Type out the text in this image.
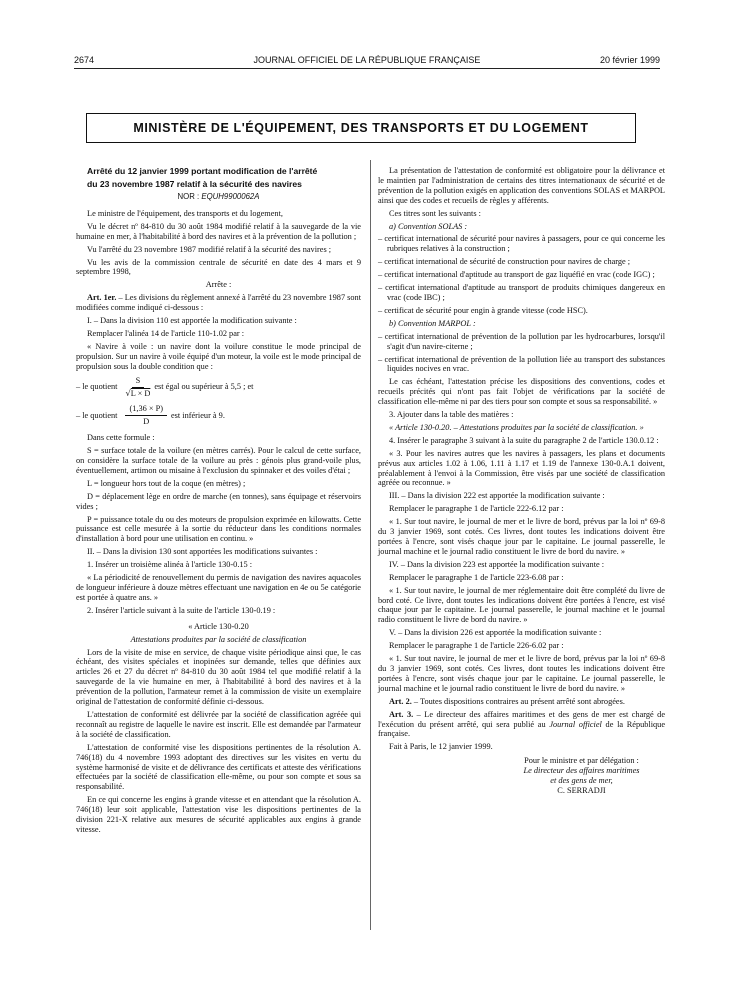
2674	JOURNAL OFFICIEL DE LA RÉPUBLIQUE FRANÇAISE	20 février 1999
MINISTÈRE DE L'ÉQUIPEMENT, DES TRANSPORTS ET DU LOGEMENT

Arrêté du 12 janvier 1999 portant modification de l'arrêté

du 23 novembre 1987 relatif à la sécurité des navires

NOR : EQUH9900062A

Le ministre de l'équipement, des transports et du logement,

Vu le décret nº 84-810 du 30 août 1984 modifié relatif à la sauvegarde de la vie humaine en mer, à l'habitabilité à bord des navires et à la prévention de la pollution ;

Vu l'arrêté du 23 novembre 1987 modifié relatif à la sécurité des navires ;

Vu les avis de la commission centrale de sécurité en date des 4 mars et 9 septembre 1998,

Arrête :

Art. 1er. – Les divisions du règlement annexé à l'arrêté du 23 novembre 1987 sont modifiées comme indiqué ci-dessous :

I. – Dans la division 110 est apportée la modification suivante :

Remplacer l'alinéa 14 de l'article 110-1.02 par :

« Navire à voile : un navire dont la voilure constitue le mode principal de propulsion. Sur un navire à voile équipé d'un moteur, la voile est le mode principal de propulsion sous la double condition que :

– le quotient $\frac{S}{√L \times D}$ est égal ou supérieur à 5,5 ; et
– le quotient $\frac{(1,36 \times P)}{D}$ est inférieur à 9.

Dans cette formule :

S = surface totale de la voilure (en mètres carrés). Pour le calcul de cette surface, on considère la surface totale de la voilure au près : génois plus grand-voile plus, éventuellement, artimon ou misaine à l'exclusion du spinnaker et des voiles d'étai ;

L = longueur hors tout de la coque (en mètres) ;

D = déplacement lège en ordre de marche (en tonnes), sans équipage et réservoirs vides ;

P = puissance totale du ou des moteurs de propulsion exprimée en kilowatts. Cette puissance est celle mesurée à la sortie du réducteur dans les conditions normales d'installation à bord pour une utilisation en continu. »

II. – Dans la division 130 sont apportées les modifications suivantes :

1. Insérer un troisième alinéa à l'article 130-0.15 :

« La périodicité de renouvellement du permis de navigation des navires aquacoles de longueur inférieure à douze mètres effectuant une navigation en 4e ou 5e catégorie est portée à quatre ans. »

2. Insérer l'article suivant à la suite de l'article 130-0.19 :

« Article 130-0.20

Attestations produites par la société de classification

Lors de la visite de mise en service, de chaque visite périodique ainsi que, le cas échéant, des visites spéciales et inopinées sur demande, telles que définies aux articles 26 et 27 du décret nº 84-810 du 30 août 1984 tel que modifié relatif à la sauvegarde de la vie humaine en mer, à l'habitabilité à bord des navires et à la prévention de la pollution, l'armateur remet à la commission de visite un exemplaire original de l'attestation de conformité définie ci-dessous.

L'attestation de conformité est délivrée par la société de classification agréée qui reconnaît au registre de laquelle le navire est inscrit. Elle est demandée par l'armateur à la société de classification.

L'attestation de conformité vise les dispositions pertinentes de la résolution A. 746(18) du 4 novembre 1993 adoptant des directives sur les visites en vertu du système harmonisé de visite et de délivrance des certificats et atteste des vérifications effectuées par la société de classification elle-même, ou pour son compte et sous sa responsabilité.

En ce qui concerne les engins à grande vitesse et en attendant que la résolution A. 746(18) leur soit applicable, l'attestation vise les dispositions pertinentes de la division 221-X relative aux mesures de sécurité applicables aux engins à grande vitesse.

La présentation de l'attestation de conformité est obligatoire pour la délivrance et le maintien par l'administration de certains des titres internationaux de sécurité et de prévention de la pollution exigés en application des conventions SOLAS et MARPOL ainsi que des codes et recueils de règles y afférents.

Ces titres sont les suivants :

a) Convention SOLAS :

– certificat international de sécurité pour navires à passagers, pour ce qui concerne les rubriques relatives à la construction ;

– certificat international de sécurité de construction pour navires de charge ;

– certificat international d'aptitude au transport de gaz liquéfié en vrac (code IGC) ;

– certificat international d'aptitude au transport de produits chimiques dangereux en vrac (code IBC) ;

– certificat de sécurité pour engin à grande vitesse (code HSC).

b) Convention MARPOL :

– certificat international de prévention de la pollution par les hydrocarbures, lorsqu'il s'agit d'un navire-citerne ;

– certificat international de prévention de la pollution liée au transport des substances liquides nocives en vrac.

Le cas échéant, l'attestation précise les dispositions des conventions, codes et recueils précités qui n'ont pas fait l'objet de vérifications par la société de classification elle-même ni par des tiers pour son compte et sous sa responsabilité. »

3. Ajouter dans la table des matières :

« Article 130-0.20. – Attestations produites par la société de classification. »

4. Insérer le paragraphe 3 suivant à la suite du paragraphe 2 de l'article 130.0.12 :

« 3. Pour les navires autres que les navires à passagers, les plans et documents prévus aux articles 1.02 à 1.06, 1.11 à 1.17 et 1.19 de l'annexe 130-0.A.1 doivent, préalablement à l'envoi à la Commission, être visés par une société de classification agréée ou reconnue. »

III. – Dans la division 222 est apportée la modification suivante :

Remplacer le paragraphe 1 de l'article 222-6.12 par :

« 1. Sur tout navire, le journal de mer et le livre de bord, prévus par la loi nº 69-8 du 3 janvier 1969, sont cotés. Ces livres, dont toutes les indications doivent être portées à l'encre, sont visés chaque jour par le capitaine. Le journal passerelle, le journal machine et le journal radio constituent le livre de bord du navire. »

IV. – Dans la division 223 est apportée la modification suivante :

Remplacer le paragraphe 1 de l'article 223-6.08 par :

« 1. Sur tout navire, le journal de mer réglementaire doit être complété du livre de bord coté. Ce livre, dont toutes les indications doivent être portées à l'encre, est visé chaque jour par le capitaine. Le journal passerelle, le journal machine et le journal radio constituent le livre de bord du navire. »

V. – Dans la division 226 est apportée la modification suivante :

Remplacer le paragraphe 1 de l'article 226-6.02 par :

« 1. Sur tout navire, le journal de mer et le livre de bord, prévus par la loi nº 69-8 du 3 janvier 1969, sont cotés. Ces livres, dont toutes les indications doivent être portées à l'encre, sont visés chaque jour par le capitaine. Le journal passerelle, le journal machine et le journal radio constituent le livre de bord du navire. »

Art. 2. – Toutes dispositions contraires au présent arrêté sont abrogées.

Art. 3. – Le directeur des affaires maritimes et des gens de mer est chargé de l'exécution du présent arrêté, qui sera publié au Journal officiel de la République française.

Fait à Paris, le 12 janvier 1999.

Pour le ministre et par délégation :
Le directeur des affaires maritimes
et des gens de mer,
C. SERRADJI
